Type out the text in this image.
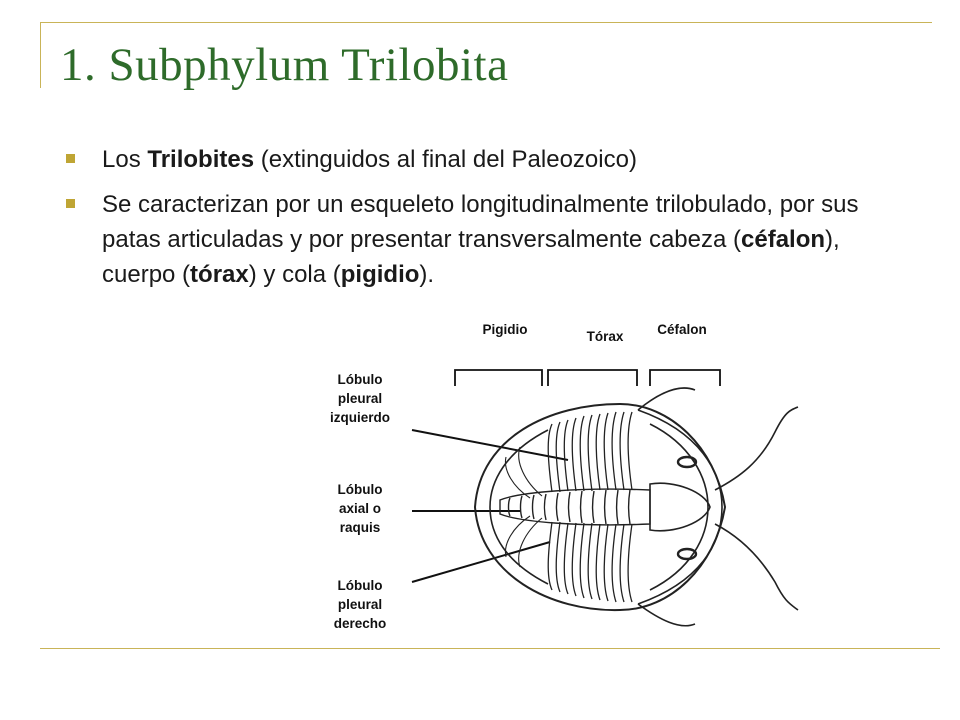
1. Subphylum Trilobita
Los Trilobites (extinguidos al final del Paleozoico)
Se caracterizan por un esqueleto longitudinalmente trilobulado, por sus patas articuladas y por presentar transversalmente cabeza (céfalon), cuerpo (tórax) y cola (pigidio).
Pigidio	Tórax	Céfalon
Lóbulo
pleural
izquierdo
Lóbulo
axial o
raquis
Lóbulo
pleural
derecho
